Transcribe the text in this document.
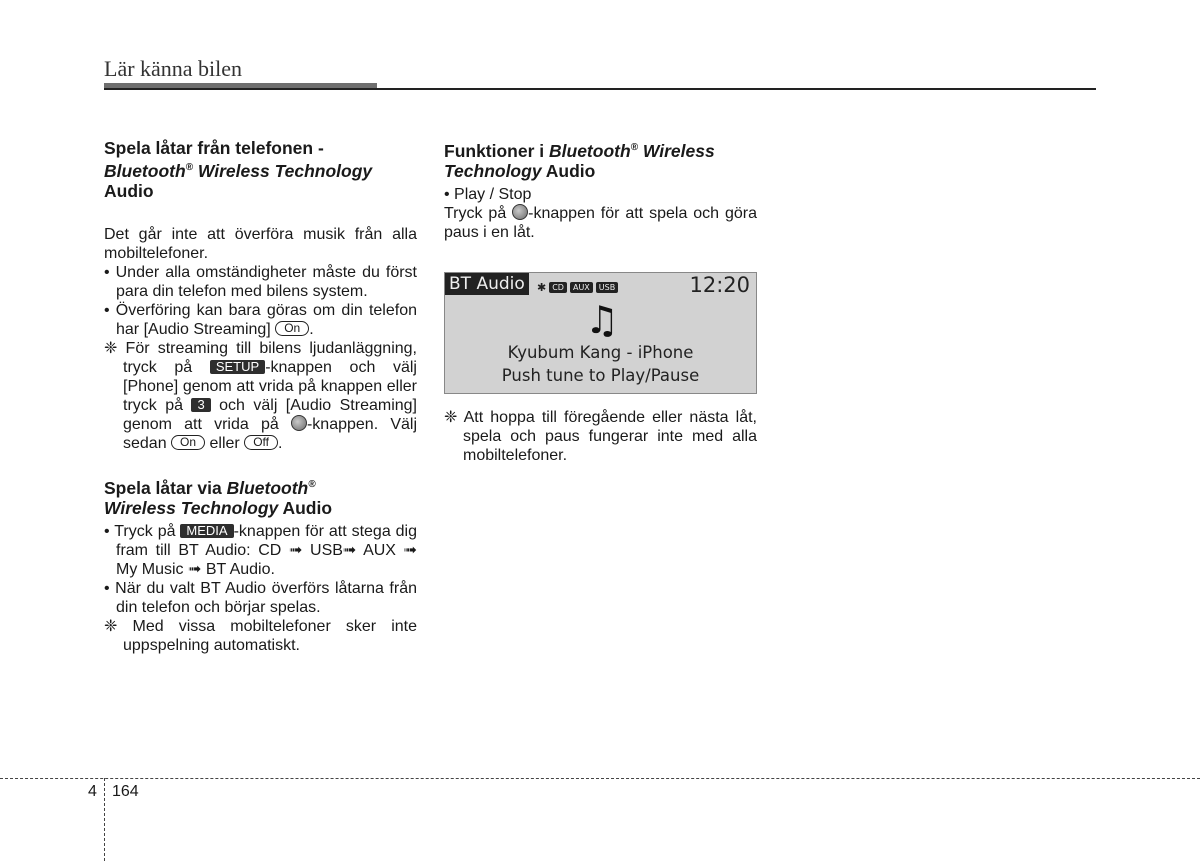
Lär känna bilen
Spela låtar från telefonen -
Bluetooth® Wireless Technology
Audio

Det går inte att överföra musik från alla mobiltelefoner.

• Under alla omständigheter måste du först para din telefon med bilens system.

• Överföring kan bara göras om din telefon har [Audio Streaming] On .

❈ För streaming till bilens ljudanläggning, tryck på SETUP -knappen och välj [Phone] genom att vrida på knappen eller tryck på 3 och välj [Audio Streaming] genom att vrida på -knappen. Välj sedan On eller Off .

Spela låtar via Bluetooth®
Wireless Technology Audio

• Tryck på MEDIA -knappen för att stega dig fram till BT Audio: CD ➟ USB➟ AUX ➟ My Music ➟ BT Audio.

• När du valt BT Audio överförs låtarna från din telefon och börjar spelas.

❈ Med vissa mobiltelefoner sker inte uppspelning automatiskt.

Funktioner i Bluetooth® Wireless
Technology Audio

• Play / Stop

Tryck på -knappen för att spela och göra paus i en låt.

BT Audio	✱ CD	AUX	USB	12:20
♫
Kyubum Kang - iPhone
Push tune to Play/Pause

❈ Att hoppa till föregående eller nästa låt, spela och paus fungerar inte med alla mobiltelefoner.

4 164
